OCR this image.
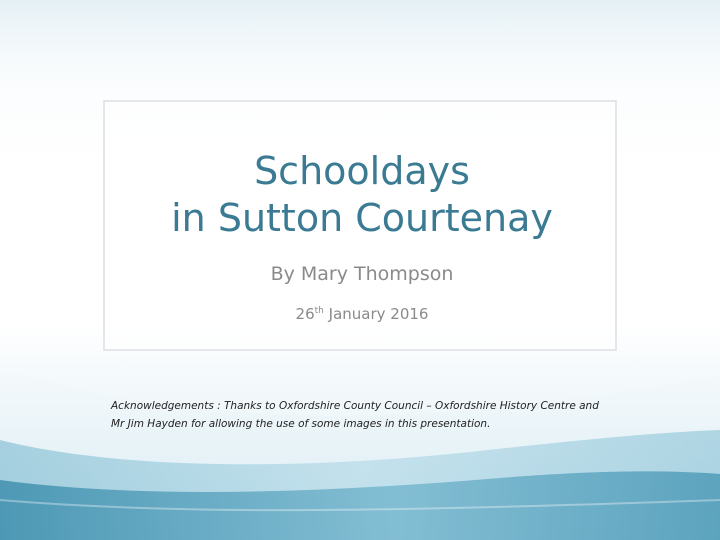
Schooldays
in Sutton Courtenay

By Mary Thompson

26th January 2016

Acknowledgements : Thanks to Oxfordshire County Council – Oxfordshire History Centre and
Mr Jim Hayden for allowing the use of some images in this presentation.
